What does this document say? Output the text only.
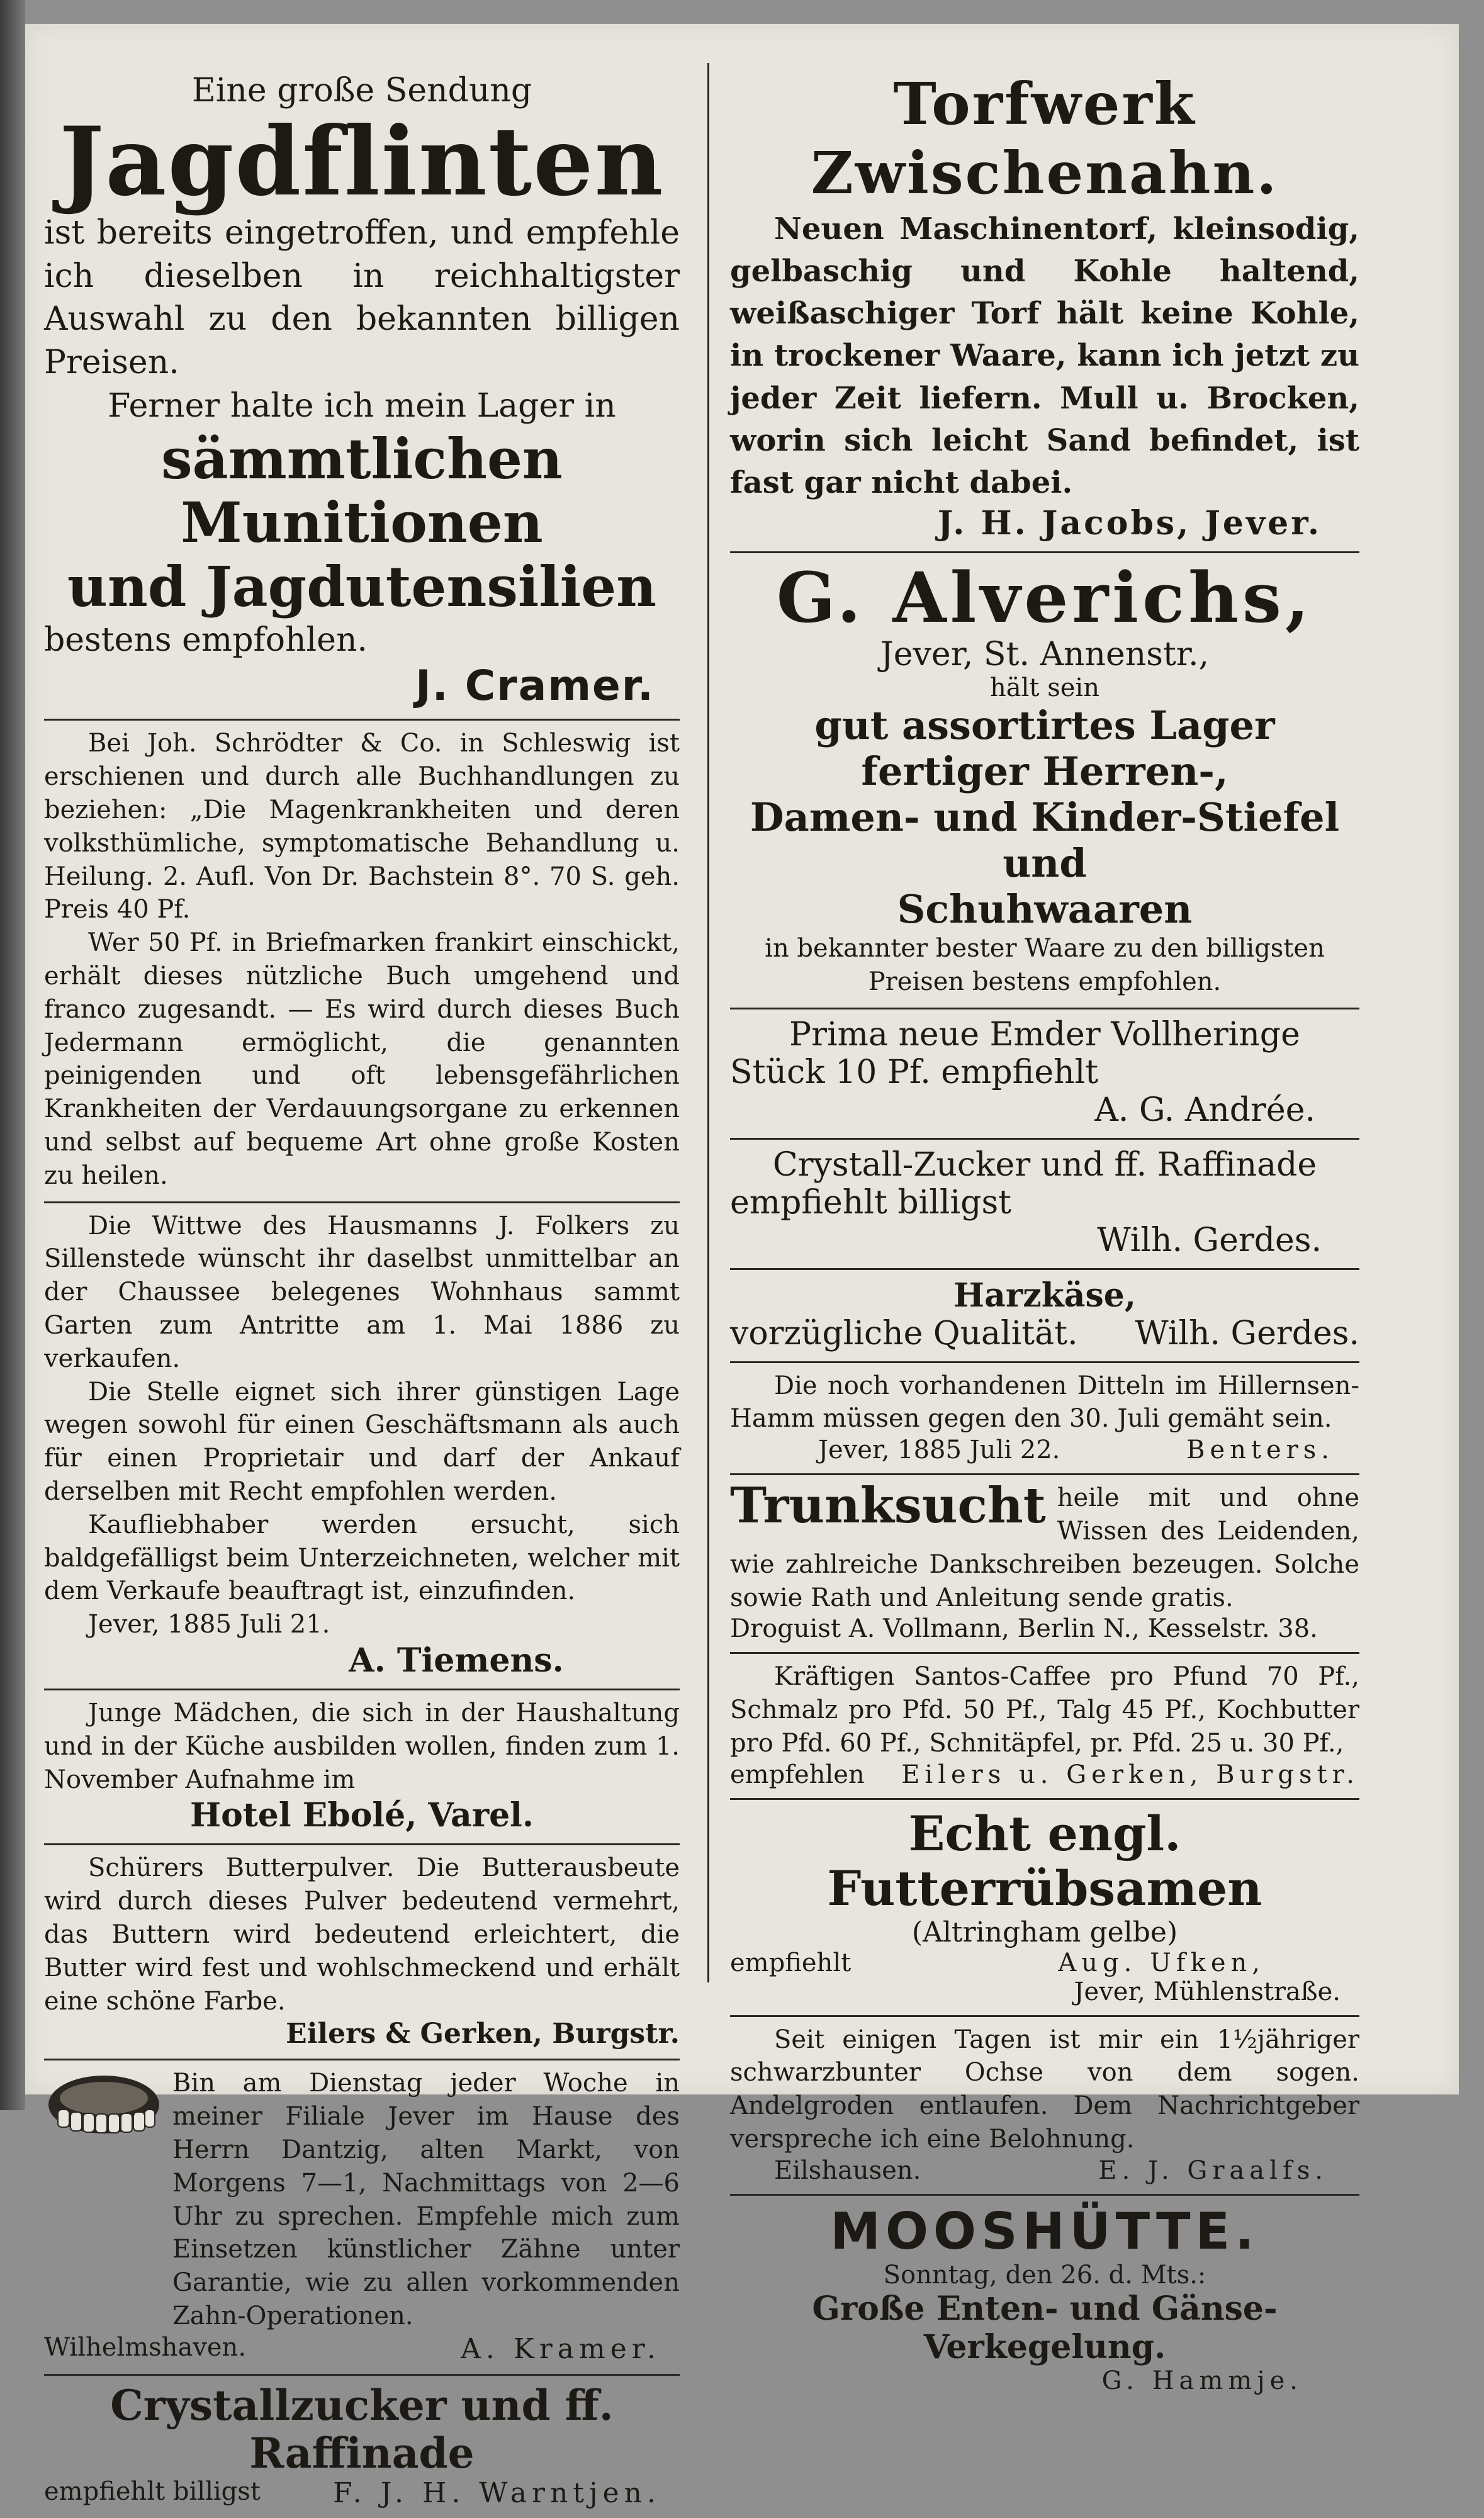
Eine große Sendung

Jagdflinten

ist bereits eingetroffen, und empfehle ich dieselben in reichhaltigster Auswahl zu den bekannten billigen Preisen.

Ferner halte ich mein Lager in

sämmtlichen Munitionen
und Jagdutensilien

bestens empfohlen.

J. Cramer.

Bei Joh. Schrödter & Co. in Schleswig ist erschienen und durch alle Buchhandlungen zu beziehen: „Die Magenkrankheiten und deren volksthümliche, symptomatische Behandlung u. Heilung. 2. Aufl. Von Dr. Bachstein 8°. 70 S. geh. Preis 40 Pf.

Wer 50 Pf. in Briefmarken frankirt einschickt, erhält dieses nützliche Buch umgehend und franco zugesandt. — Es wird durch dieses Buch Jedermann ermöglicht, die genannten peinigenden und oft lebensgefährlichen Krankheiten der Verdauungsorgane zu erkennen und selbst auf bequeme Art ohne große Kosten zu heilen.

Die Wittwe des Hausmanns J. Folkers zu Sillenstede wünscht ihr daselbst unmittelbar an der Chaussee belegenes Wohnhaus sammt Garten zum Antritte am 1. Mai 1886 zu verkaufen.

Die Stelle eignet sich ihrer günstigen Lage wegen sowohl für einen Geschäftsmann als auch für einen Proprietair und darf der Ankauf derselben mit Recht empfohlen werden.

Kaufliebhaber werden ersucht, sich baldgefälligst beim Unterzeichneten, welcher mit dem Verkaufe beauftragt ist, einzufinden.

Jever, 1885 Juli 21.

A. Tiemens.

Junge Mädchen, die sich in der Haushaltung und in der Küche ausbilden wollen, finden zum 1. November Aufnahme im

Hotel Ebolé, Varel.

Schürers Butterpulver. Die Butterausbeute wird durch dieses Pulver bedeutend vermehrt, das Buttern wird bedeutend erleichtert, die Butter wird fest und wohlschmeckend und erhält eine schöne Farbe.

Eilers & Gerken, Burgstr.

Bin am Dienstag jeder Woche in meiner Filiale Jever im Hause des Herrn Dantzig, alten Markt, von Morgens 7—1, Nachmittags von 2—6 Uhr zu sprechen. Empfehle mich zum Einsetzen künstlicher Zähne unter Garantie, wie zu allen vorkommenden Zahn-Operationen.

Wilhelmshaven.	A. Kramer.
Crystallzucker und ff. Raffinade
empfiehlt billigst	F. J. H. Warntjen.
Torfwerk Zwischenahn.

Neuen Maschinentorf, kleinsodig, gelbaschig und Kohle haltend, weißaschiger Torf hält keine Kohle, in trockener Waare, kann ich jetzt zu jeder Zeit liefern. Mull u. Brocken, worin sich leicht Sand befindet, ist fast gar nicht dabei.

J. H. Jacobs, Jever.
G. Alverichs,
Jever, St. Annenstr.,
hält sein
gut assortirtes Lager fertiger Herren-,
Damen- und Kinder-Stiefel und
Schuhwaaren

in bekannter bester Waare zu den billigsten Preisen bestens empfohlen.

Prima neue Emder Vollheringe
Stück 10 Pf. empfiehlt
A. G. Andrée.
Crystall-Zucker und ff. Raffinade
empfiehlt billigst
Wilh. Gerdes.
Harzkäse,
vorzügliche Qualität. Wilh. Gerdes.

Die noch vorhandenen Ditteln im Hillernsen-Hamm müssen gegen den 30. Juli gemäht sein.

Jever, 1885 Juli 22.	Benters.
Trunksucht heile mit und ohne Wissen des Leidenden, wie zahlreiche Dankschreiben bezeugen. Solche sowie Rath und Anleitung sende gratis.

Droguist A. Vollmann, Berlin N., Kesselstr. 38.

Kräftigen Santos-Caffee pro Pfund 70 Pf., Schmalz pro Pfd. 50 Pf., Talg 45 Pf., Kochbutter pro Pfd. 60 Pf., Schnitäpfel, pr. Pfd. 25 u. 30 Pf.,

empfehlen Eilers u. Gerken, Burgstr.
Echt engl. Futterrübsamen
(Altringham gelbe)
empfiehlt	Aug. Ufken,
Jever, Mühlenstraße.

Seit einigen Tagen ist mir ein 1½jähriger schwarzbunter Ochse von dem sogen. Andelgroden entlaufen. Dem Nachrichtgeber verspreche ich eine Belohnung.

Eilshausen.	E. J. Graalfs.
MOOSHÜTTE.
Sonntag, den 26. d. Mts.:
Große Enten- und Gänse-Verkegelung.
G. Hammje.
